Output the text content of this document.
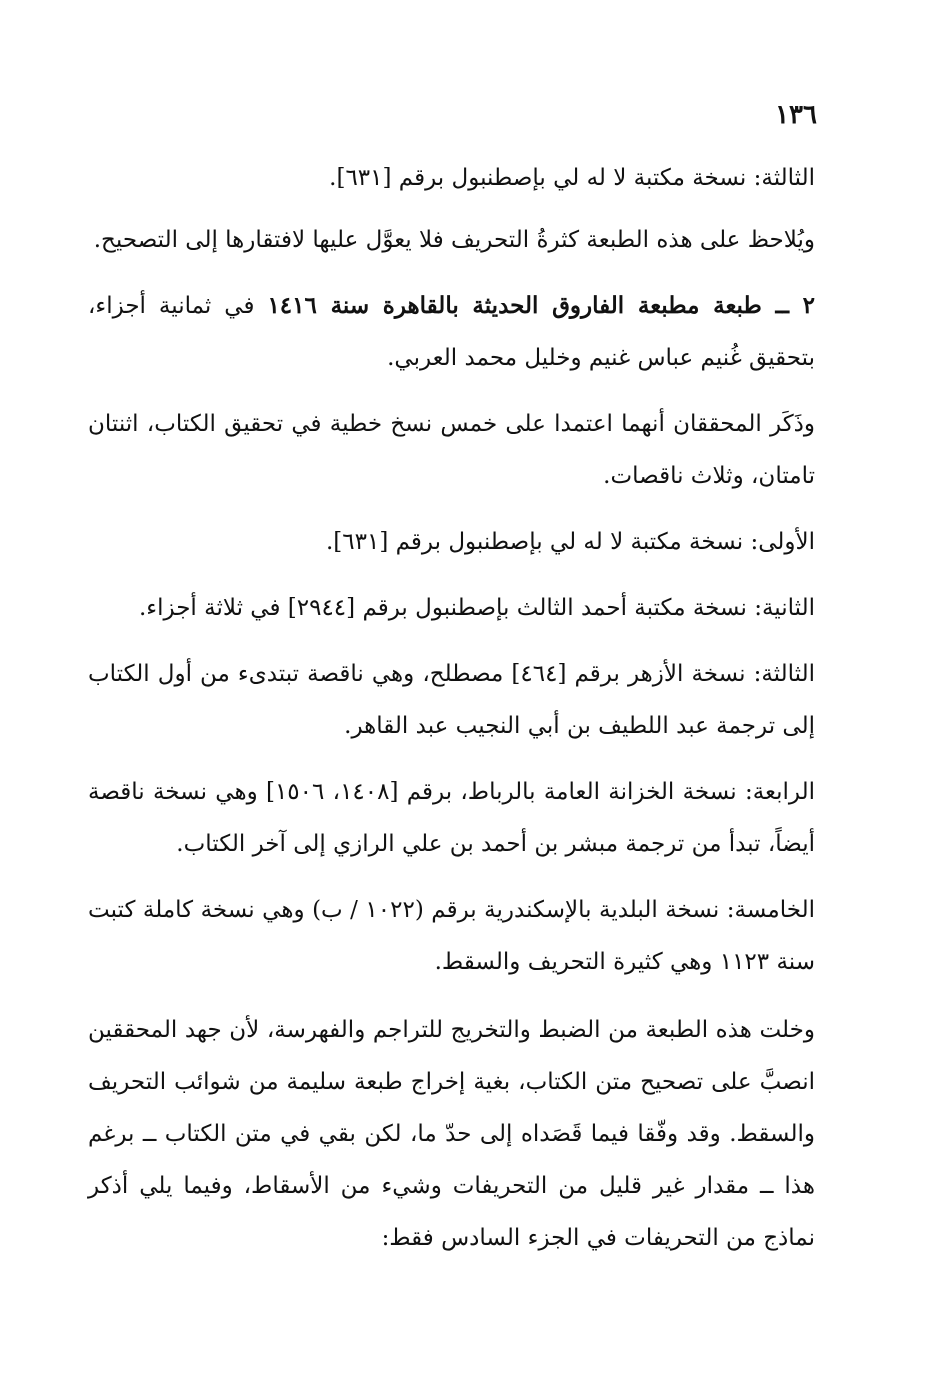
١٣٦

الثالثة: نسخة مكتبة لا له لي بإصطنبول برقم [٦٣١].

ويُلاحظ على هذه الطبعة كثرةُ التحريف فلا يعوَّل عليها لافتقارها إلى التصحيح.

٢ ــ طبعة مطبعة الفاروق الحديثة بالقاهرة سنة ١٤١٦ في ثمانية أجزاء، بتحقيق غُنيم عباس غنيم وخليل محمد العربي.

وذَكَر المحققان أنهما اعتمدا على خمس نسخ خطية في تحقيق الكتاب، اثنتان تامتان، وثلاث ناقصات.

الأولى: نسخة مكتبة لا له لي بإصطنبول برقم [٦٣١].

الثانية: نسخة مكتبة أحمد الثالث بإصطنبول برقم [٢٩٤٤] في ثلاثة أجزاء.

الثالثة: نسخة الأزهر برقم [٤٦٤] مصطلح، وهي ناقصة تبتدىء من أول الكتاب إلى ترجمة عبد اللطيف بن أبي النجيب عبد القاهر.

الرابعة: نسخة الخزانة العامة بالرباط، برقم [١٤٠٨، ١٥٠٦] وهي نسخة ناقصة أيضاً، تبدأ من ترجمة مبشر بن أحمد بن علي الرازي إلى آخر الكتاب.

الخامسة: نسخة البلدية بالإسكندرية برقم (١٠٢٢ / ب) وهي نسخة كاملة كتبت سنة ١١٢٣ وهي كثيرة التحريف والسقط.

وخلت هذه الطبعة من الضبط والتخريج للتراجم والفهرسة، لأن جهد المحققين انصبَّ على تصحيح متن الكتاب، بغية إخراج طبعة سليمة من شوائب التحريف والسقط. وقد وفّقا فيما قَصَداه إلى حدّ ما، لكن بقي في متن الكتاب ــ برغم هذا ــ مقدار غير قليل من التحريفات وشيء من الأسقاط، وفيما يلي أذكر نماذج من التحريفات في الجزء السادس فقط:
